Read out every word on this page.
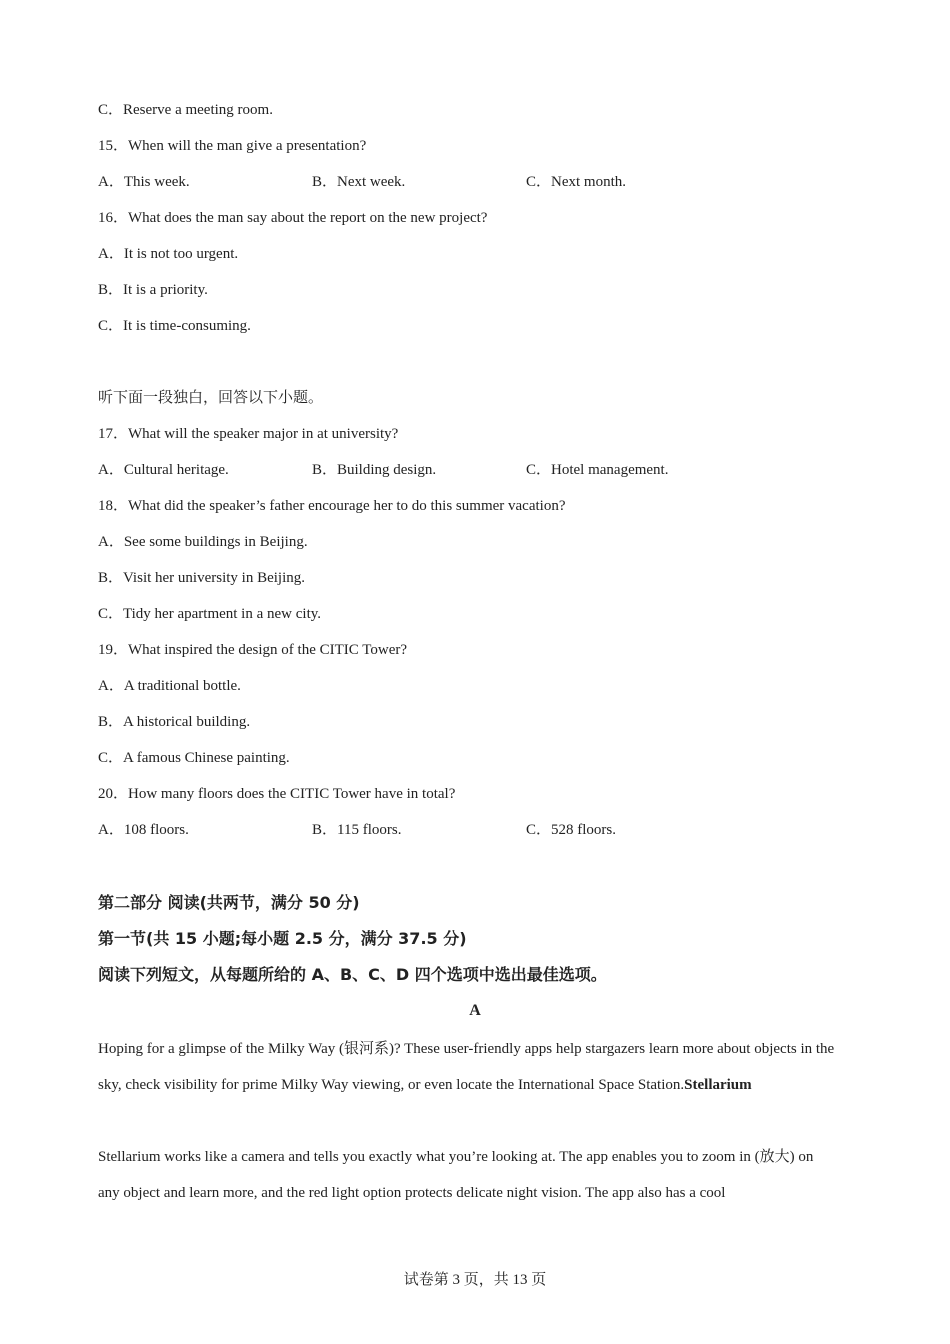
C．Reserve a meeting room.
15．When will the man give a presentation?
A．This week.	B．Next week.	C．Next month.
16．What does the man say about the report on the new project?
A．It is not too urgent.
B．It is a priority.
C．It is time-consuming.
听下面一段独白，回答以下小题。
17．What will the speaker major in at university?
A．Cultural heritage.	B．Building design.	C．Hotel management.
18．What did the speaker’s father encourage her to do this summer vacation?
A．See some buildings in Beijing.
B．Visit her university in Beijing.
C．Tidy her apartment in a new city.
19．What inspired the design of the CITIC Tower?
A．A traditional bottle.
B．A historical building.
C．A famous Chinese painting.
20．How many floors does the CITIC Tower have in total?
A．108 floors.	B．115 floors.	C．528 floors.
第二部分 阅读(共两节，满分 50 分)
第一节(共 15 小题;每小题 2.5 分，满分 37.5 分)
阅读下列短文，从每题所给的 A、B、C、D 四个选项中选出最佳选项。
A
Hoping for a glimpse of the Milky Way (银河系)? These user-friendly apps help stargazers learn more about objects in the sky, check visibility for prime Milky Way viewing, or even locate the International Space Station.Stellarium
Stellarium works like a camera and tells you exactly what you’re looking at. The app enables you to zoom in (放大) on any object and learn more, and the red light option protects delicate night vision. The app also has a cool
试卷第 3 页，共 13 页
